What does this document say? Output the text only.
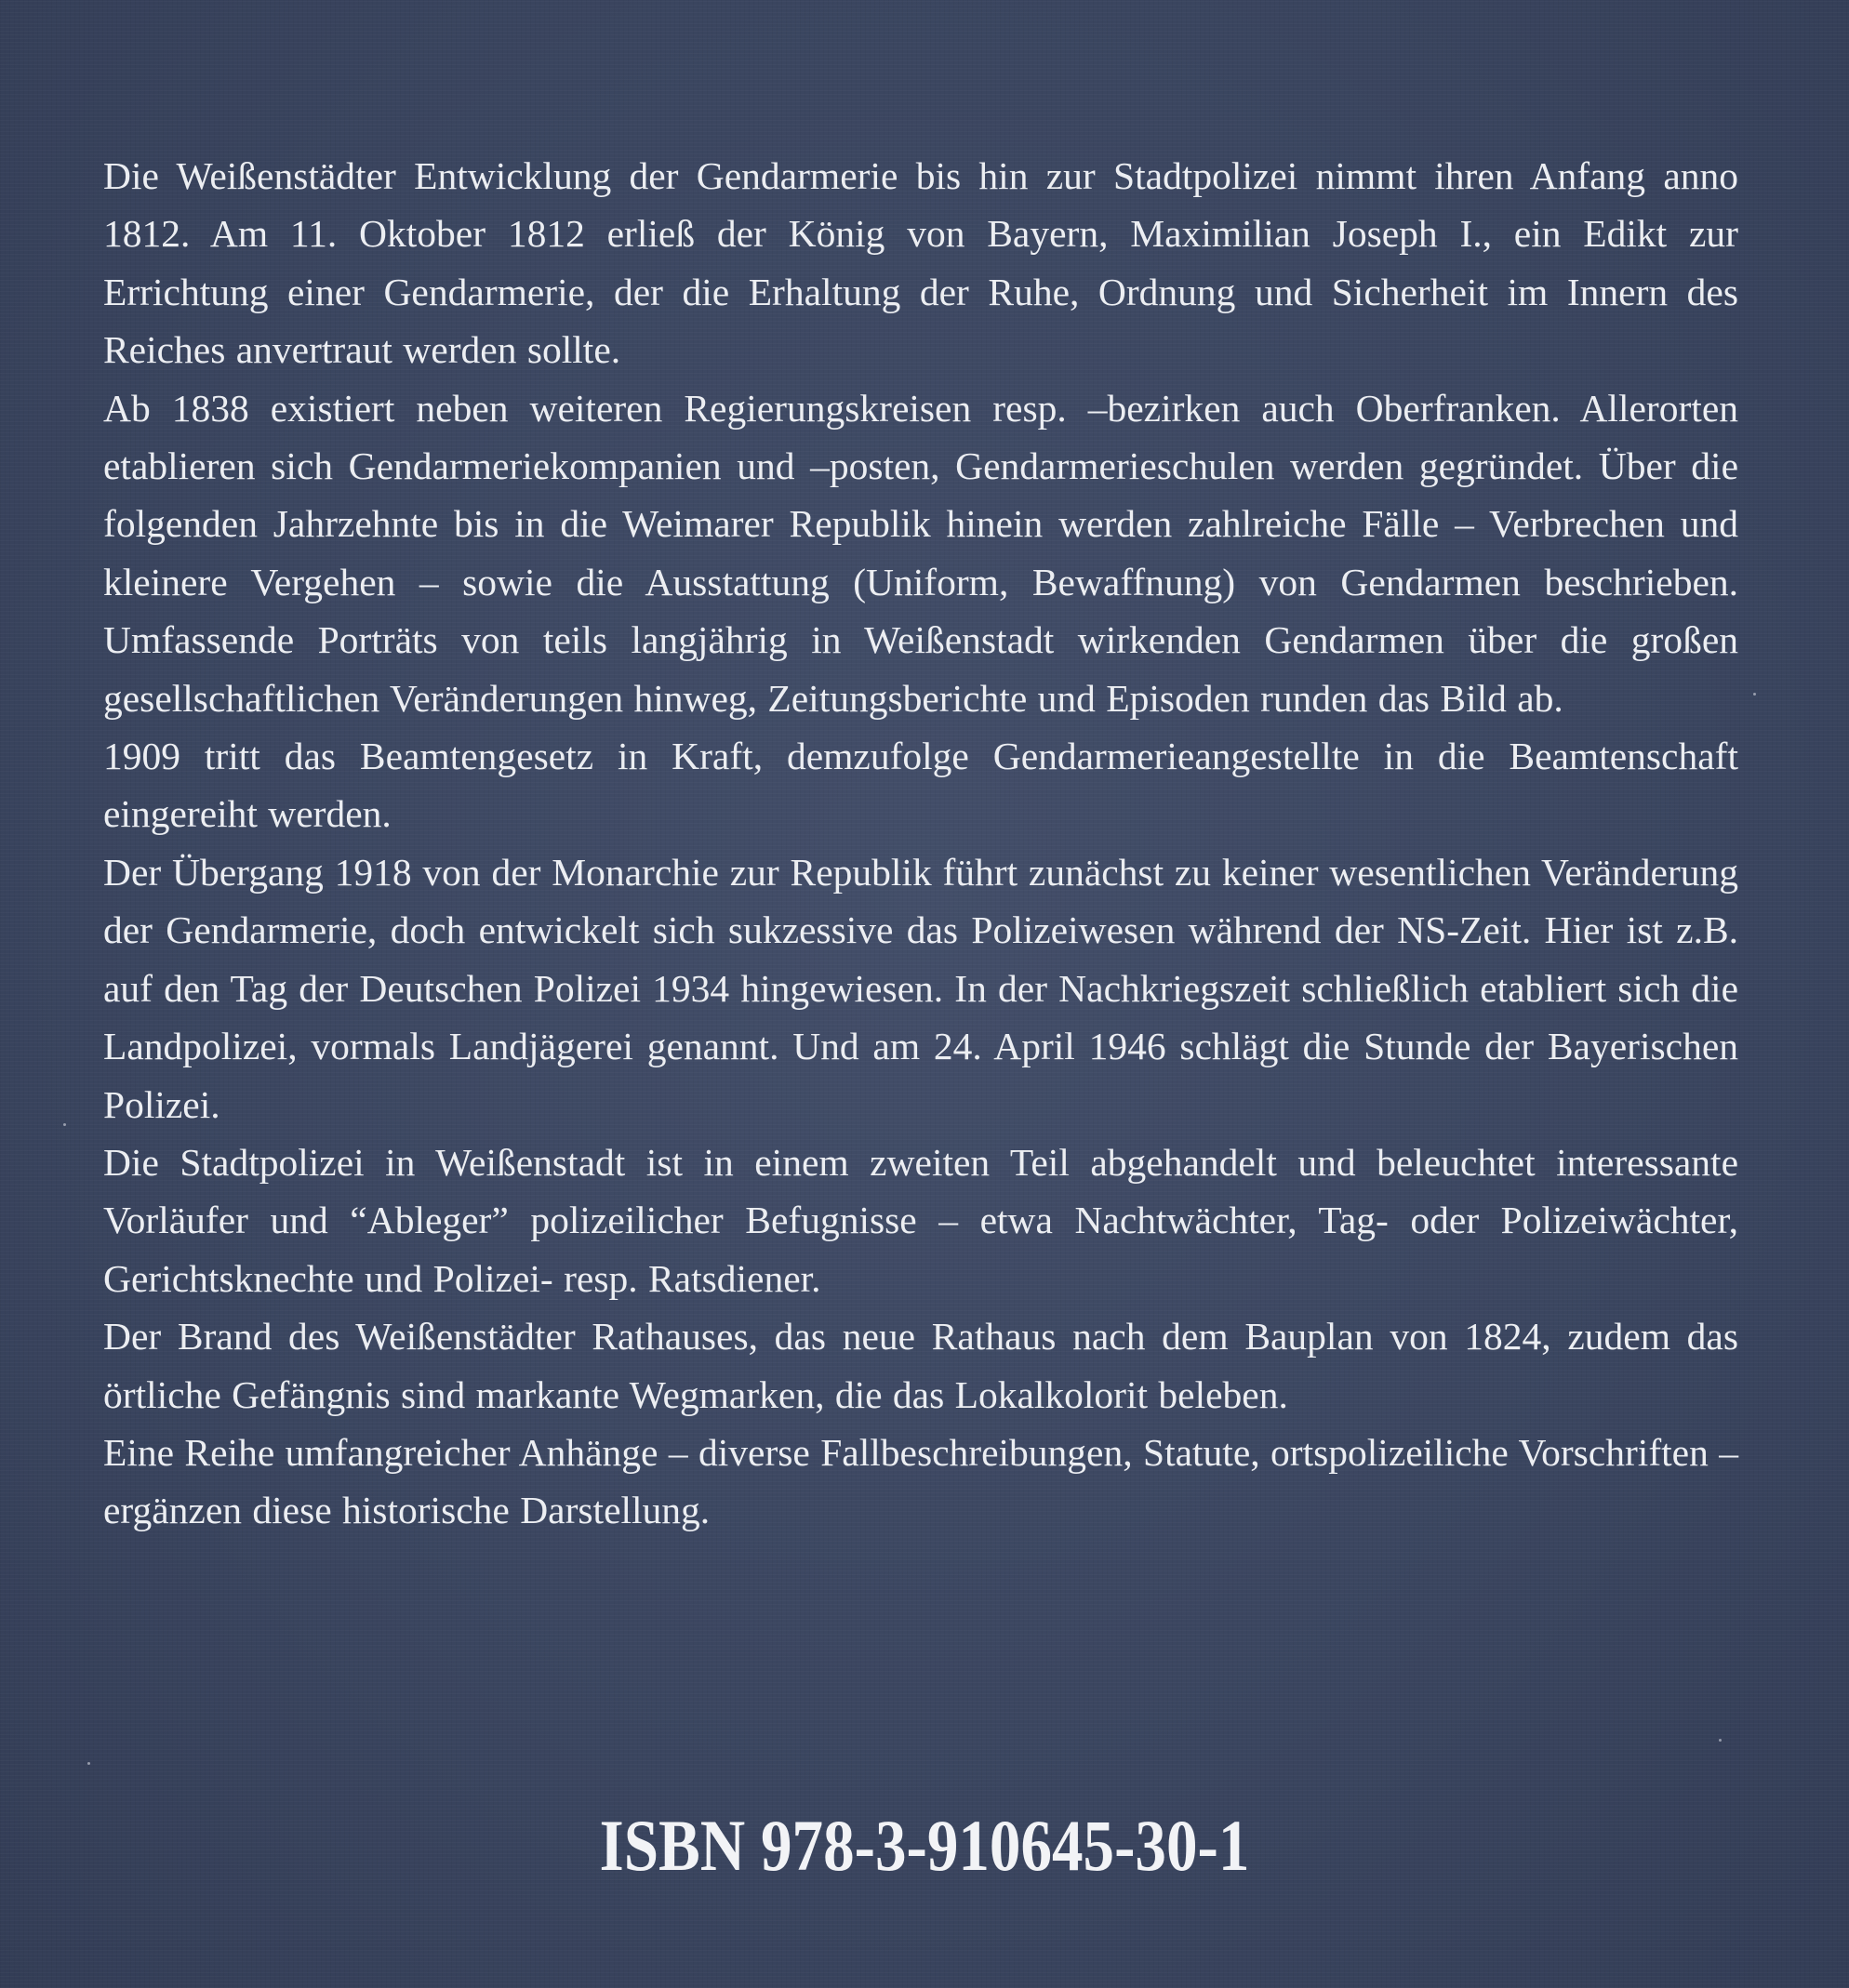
Die Weißenstädter Entwicklung der Gendarmerie bis hin zur Stadtpolizei nimmt ihren Anfang anno 1812. Am 11. Oktober 1812 erließ der König von Bayern, Maximilian Joseph I., ein Edikt zur Errichtung einer Gendarmerie, der die Erhaltung der Ruhe, Ordnung und Sicherheit im Innern des Reiches anvertraut werden sollte.

Ab 1838 existiert neben weiteren Regierungskreisen resp. –bezirken auch Oberfranken. Allerorten etablieren sich Gendarmeriekompanien und –posten, Gendarmerieschulen werden gegründet. Über die folgenden Jahrzehnte bis in die Weimarer Republik hinein werden zahlreiche Fälle – Verbrechen und kleinere Vergehen – sowie die Ausstattung (Uniform, Bewaffnung) von Gendarmen beschrieben. Umfassende Porträts von teils langjährig in Weißenstadt wirkenden Gendarmen über die großen gesellschaftlichen Veränderungen hinweg, Zeitungsberichte und Episoden runden das Bild ab.

1909 tritt das Beamtengesetz in Kraft, demzufolge Gendarmerieangestellte in die Beamtenschaft eingereiht werden.

Der Übergang 1918 von der Monarchie zur Republik führt zunächst zu keiner wesentlichen Veränderung der Gendarmerie, doch entwickelt sich sukzessive das Polizeiwesen während der NS-Zeit. Hier ist z.B. auf den Tag der Deutschen Polizei 1934 hingewiesen. In der Nachkriegszeit schließlich etabliert sich die Landpolizei, vormals Landjägerei genannt. Und am 24. April 1946 schlägt die Stunde der Bayerischen Polizei.

Die Stadtpolizei in Weißenstadt ist in einem zweiten Teil abgehandelt und beleuchtet interessante Vorläufer und “Ableger” polizeilicher Befugnisse – etwa Nachtwächter, Tag- oder Polizeiwächter, Gerichtsknechte und Polizei- resp. Ratsdiener.

Der Brand des Weißenstädter Rathauses, das neue Rathaus nach dem Bauplan von 1824, zudem das örtliche Gefängnis sind markante Wegmarken, die das Lokalkolorit beleben.

Eine Reihe umfangreicher Anhänge – diverse Fallbeschreibungen, Statute, ortspolizeiliche Vorschriften – ergänzen diese historische Darstellung.

ISBN 978-3-910645-30-1
